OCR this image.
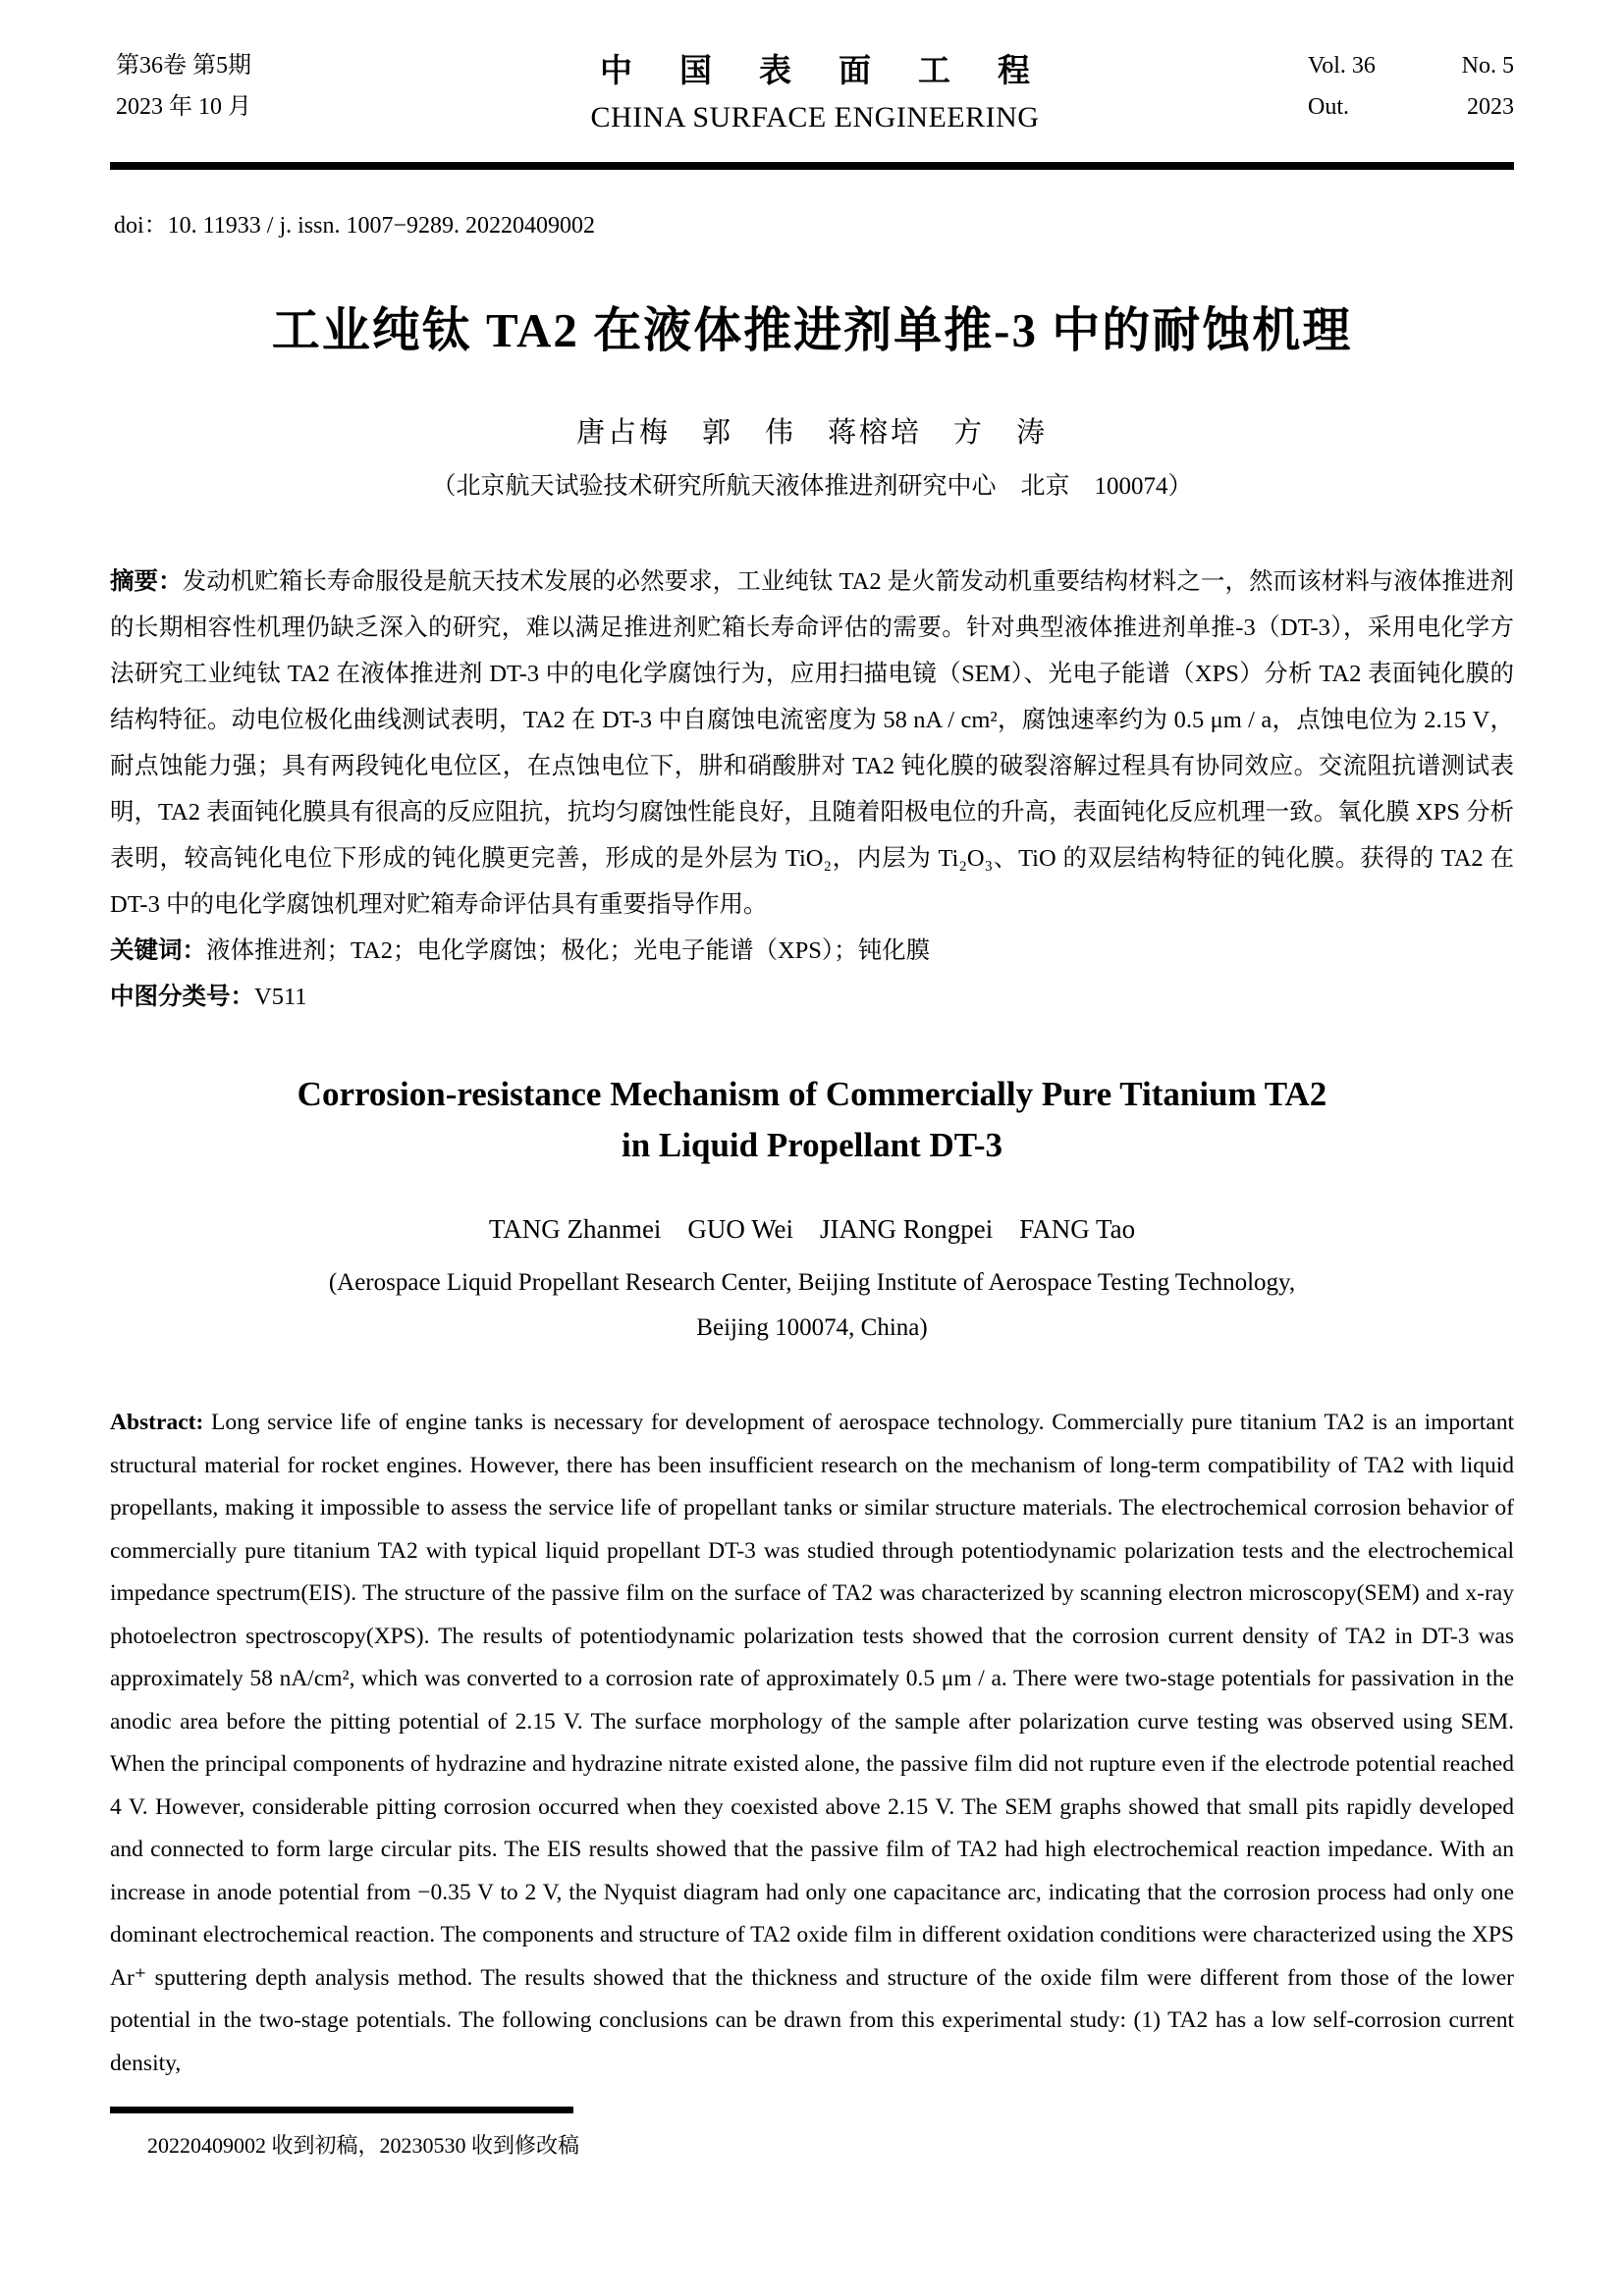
第36卷 第5期
2023 年 10 月
中国表面工程
CHINA SURFACE ENGINEERING
Vol. 36	No. 5
Out.	2023
doi：10. 11933 / j. issn. 1007−9289. 20220409002
工业纯钛 TA2 在液体推进剂单推-3 中的耐蚀机理
唐占梅　郭　伟　蒋榕培　方　涛
（北京航天试验技术研究所航天液体推进剂研究中心　北京　100074）

摘要：发动机贮箱长寿命服役是航天技术发展的必然要求，工业纯钛 TA2 是火箭发动机重要结构材料之一，然而该材料与液体推进剂的长期相容性机理仍缺乏深入的研究，难以满足推进剂贮箱长寿命评估的需要。针对典型液体推进剂单推-3（DT-3），采用电化学方法研究工业纯钛 TA2 在液体推进剂 DT-3 中的电化学腐蚀行为，应用扫描电镜（SEM）、光电子能谱（XPS）分析 TA2 表面钝化膜的结构特征。动电位极化曲线测试表明，TA2 在 DT-3 中自腐蚀电流密度为 58 nA / cm²，腐蚀速率约为 0.5 μm / a，点蚀电位为 2.15 V，耐点蚀能力强；具有两段钝化电位区，在点蚀电位下，肼和硝酸肼对 TA2 钝化膜的破裂溶解过程具有协同效应。交流阻抗谱测试表明，TA2 表面钝化膜具有很高的反应阻抗，抗均匀腐蚀性能良好，且随着阳极电位的升高，表面钝化反应机理一致。氧化膜 XPS 分析表明，较高钝化电位下形成的钝化膜更完善，形成的是外层为 TiO₂，内层为 Ti₂O₃、TiO 的双层结构特征的钝化膜。获得的 TA2 在 DT-3 中的电化学腐蚀机理对贮箱寿命评估具有重要指导作用。

关键词：液体推进剂；TA2；电化学腐蚀；极化；光电子能谱（XPS）；钝化膜

中图分类号：V511

Corrosion-resistance Mechanism of Commercially Pure Titanium TA2
in Liquid Propellant DT-3
TANG Zhanmei    GUO Wei    JIANG Rongpei    FANG Tao
(Aerospace Liquid Propellant Research Center, Beijing Institute of Aerospace Testing Technology,
Beijing 100074, China)

Abstract: Long service life of engine tanks is necessary for development of aerospace technology. Commercially pure titanium TA2 is an important structural material for rocket engines. However, there has been insufficient research on the mechanism of long-term compatibility of TA2 with liquid propellants, making it impossible to assess the service life of propellant tanks or similar structure materials. The electrochemical corrosion behavior of commercially pure titanium TA2 with typical liquid propellant DT-3 was studied through potentiodynamic polarization tests and the electrochemical impedance spectrum(EIS). The structure of the passive film on the surface of TA2 was characterized by scanning electron microscopy(SEM) and x-ray photoelectron spectroscopy(XPS). The results of potentiodynamic polarization tests showed that the corrosion current density of TA2 in DT-3 was approximately 58 nA/cm², which was converted to a corrosion rate of approximately 0.5 μm / a. There were two-stage potentials for passivation in the anodic area before the pitting potential of 2.15 V. The surface morphology of the sample after polarization curve testing was observed using SEM. When the principal components of hydrazine and hydrazine nitrate existed alone, the passive film did not rupture even if the electrode potential reached 4 V. However, considerable pitting corrosion occurred when they coexisted above 2.15 V. The SEM graphs showed that small pits rapidly developed and connected to form large circular pits. The EIS results showed that the passive film of TA2 had high electrochemical reaction impedance. With an increase in anode potential from −0.35 V to 2 V, the Nyquist diagram had only one capacitance arc, indicating that the corrosion process had only one dominant electrochemical reaction. The components and structure of TA2 oxide film in different oxidation conditions were characterized using the XPS Ar⁺ sputtering depth analysis method. The results showed that the thickness and structure of the oxide film were different from those of the lower potential in the two-stage potentials. The following conclusions can be drawn from this experimental study: (1) TA2 has a low self-corrosion current density,

20220409002 收到初稿，20230530 收到修改稿
